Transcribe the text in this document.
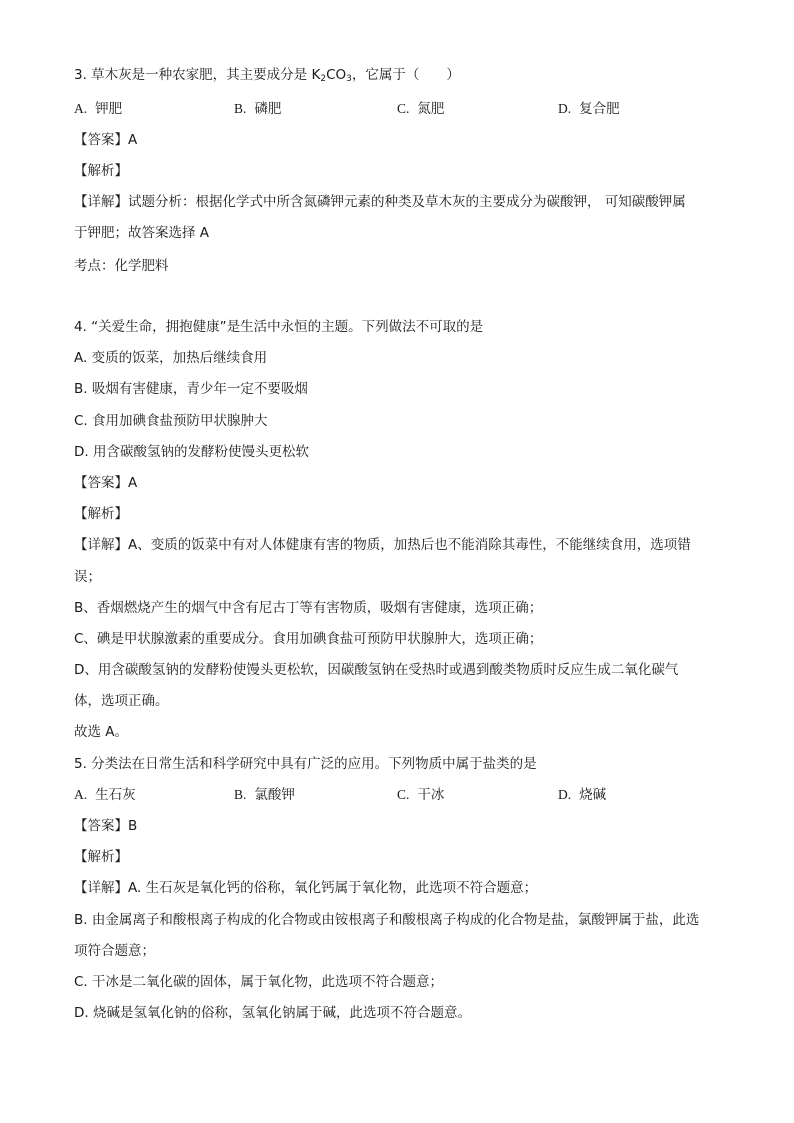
3. 草木灰是一种农家肥，其主要成分是 $K_2CO_3$，它属于（　　）
A. 钾肥	B. 磷肥	C. 氮肥	D. 复合肥
【答案】A
【解析】
【详解】试题分析：根据化学式中所含氮磷钾元素的种类及草木灰的主要成分为碳酸钾， 可知碳酸钾属
于钾肥；故答案选择 A
考点：化学肥料
4. “关爱生命，拥抱健康”是生活中永恒的主题。下列做法不可取的是
A. 变质的饭菜，加热后继续食用
B. 吸烟有害健康，青少年一定不要吸烟
C. 食用加碘食盐预防甲状腺肿大
D. 用含碳酸氢钠的发酵粉使馒头更松软
【答案】A
【解析】
【详解】A、变质的饭菜中有对人体健康有害的物质，加热后也不能消除其毒性，不能继续食用，选项错
误；
B、香烟燃烧产生的烟气中含有尼古丁等有害物质，吸烟有害健康，选项正确；
C、碘是甲状腺激素的重要成分。食用加碘食盐可预防甲状腺肿大，选项正确；
D、用含碳酸氢钠的发酵粉使馒头更松软，因碳酸氢钠在受热时或遇到酸类物质时反应生成二氧化碳气
体，选项正确。
故选 A。
5. 分类法在日常生活和科学研究中具有广泛的应用。下列物质中属于盐类的是
A. 生石灰	B. 氯酸钾	C. 干冰	D. 烧碱
【答案】B
【解析】
【详解】A. 生石灰是氧化钙的俗称，氧化钙属于氧化物，此选项不符合题意；
B. 由金属离子和酸根离子构成的化合物或由铵根离子和酸根离子构成的化合物是盐，氯酸钾属于盐，此选
项符合题意；
C. 干冰是二氧化碳的固体，属于氧化物，此选项不符合题意；
D. 烧碱是氢氧化钠的俗称，氢氧化钠属于碱，此选项不符合题意。
